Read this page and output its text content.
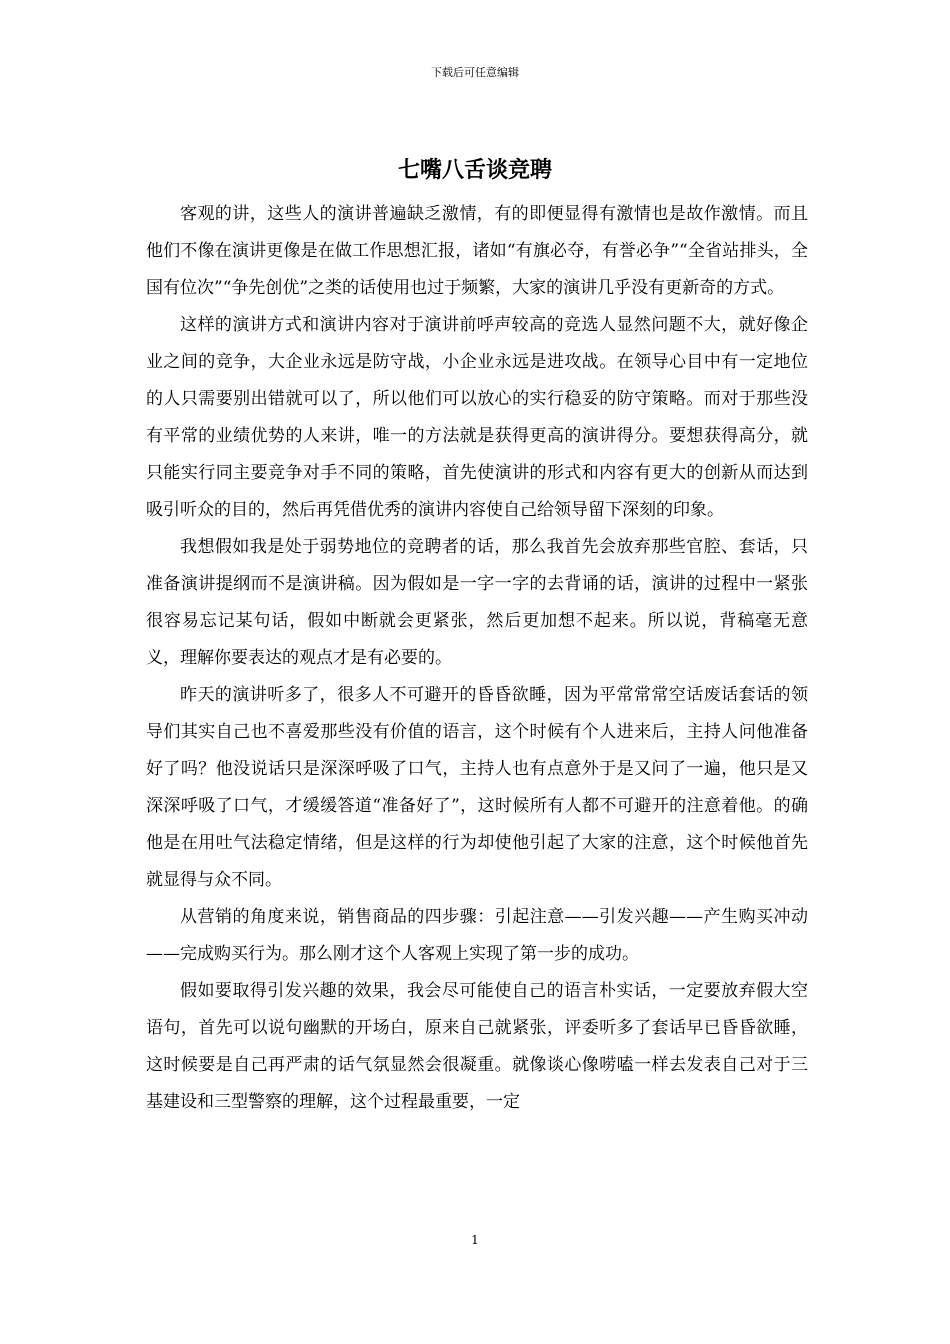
下载后可任意编辑
七嘴八舌谈竞聘

客观的讲，这些人的演讲普遍缺乏激情，有的即便显得有激情也是故作激情。而且他们不像在演讲更像是在做工作思想汇报，诸如“有旗必夺，有誉必争”“全省站排头，全国有位次”“争先创优”之类的话使用也过于频繁，大家的演讲几乎没有更新奇的方式。

这样的演讲方式和演讲内容对于演讲前呼声较高的竞选人显然问题不大，就好像企业之间的竞争，大企业永远是防守战，小企业永远是进攻战。在领导心目中有一定地位的人只需要别出错就可以了，所以他们可以放心的实行稳妥的防守策略。而对于那些没有平常的业绩优势的人来讲，唯一的方法就是获得更高的演讲得分。要想获得高分，就只能实行同主要竞争对手不同的策略，首先使演讲的形式和内容有更大的创新从而达到吸引听众的目的，然后再凭借优秀的演讲内容使自己给领导留下深刻的印象。

我想假如我是处于弱势地位的竞聘者的话，那么我首先会放弃那些官腔、套话，只准备演讲提纲而不是演讲稿。因为假如是一字一字的去背诵的话，演讲的过程中一紧张很容易忘记某句话，假如中断就会更紧张，然后更加想不起来。所以说，背稿毫无意义，理解你要表达的观点才是有必要的。

昨天的演讲听多了，很多人不可避开的昏昏欲睡，因为平常常常空话废话套话的领导们其实自己也不喜爱那些没有价值的语言，这个时候有个人进来后，主持人问他准备好了吗？他没说话只是深深呼吸了口气，主持人也有点意外于是又问了一遍，他只是又深深呼吸了口气，才缓缓答道“准备好了”，这时候所有人都不可避开的注意着他。的确他是在用吐气法稳定情绪，但是这样的行为却使他引起了大家的注意，这个时候他首先就显得与众不同。

从营销的角度来说，销售商品的四步骤：引起注意——引发兴趣——产生购买冲动——完成购买行为。那么刚才这个人客观上实现了第一步的成功。

假如要取得引发兴趣的效果，我会尽可能使自己的语言朴实话，一定要放弃假大空语句，首先可以说句幽默的开场白，原来自己就紧张，评委听多了套话早已昏昏欲睡，这时候要是自己再严肃的话气氛显然会很凝重。就像谈心像唠嗑一样去发表自己对于三基建设和三型警察的理解，这个过程最重要，一定

1
